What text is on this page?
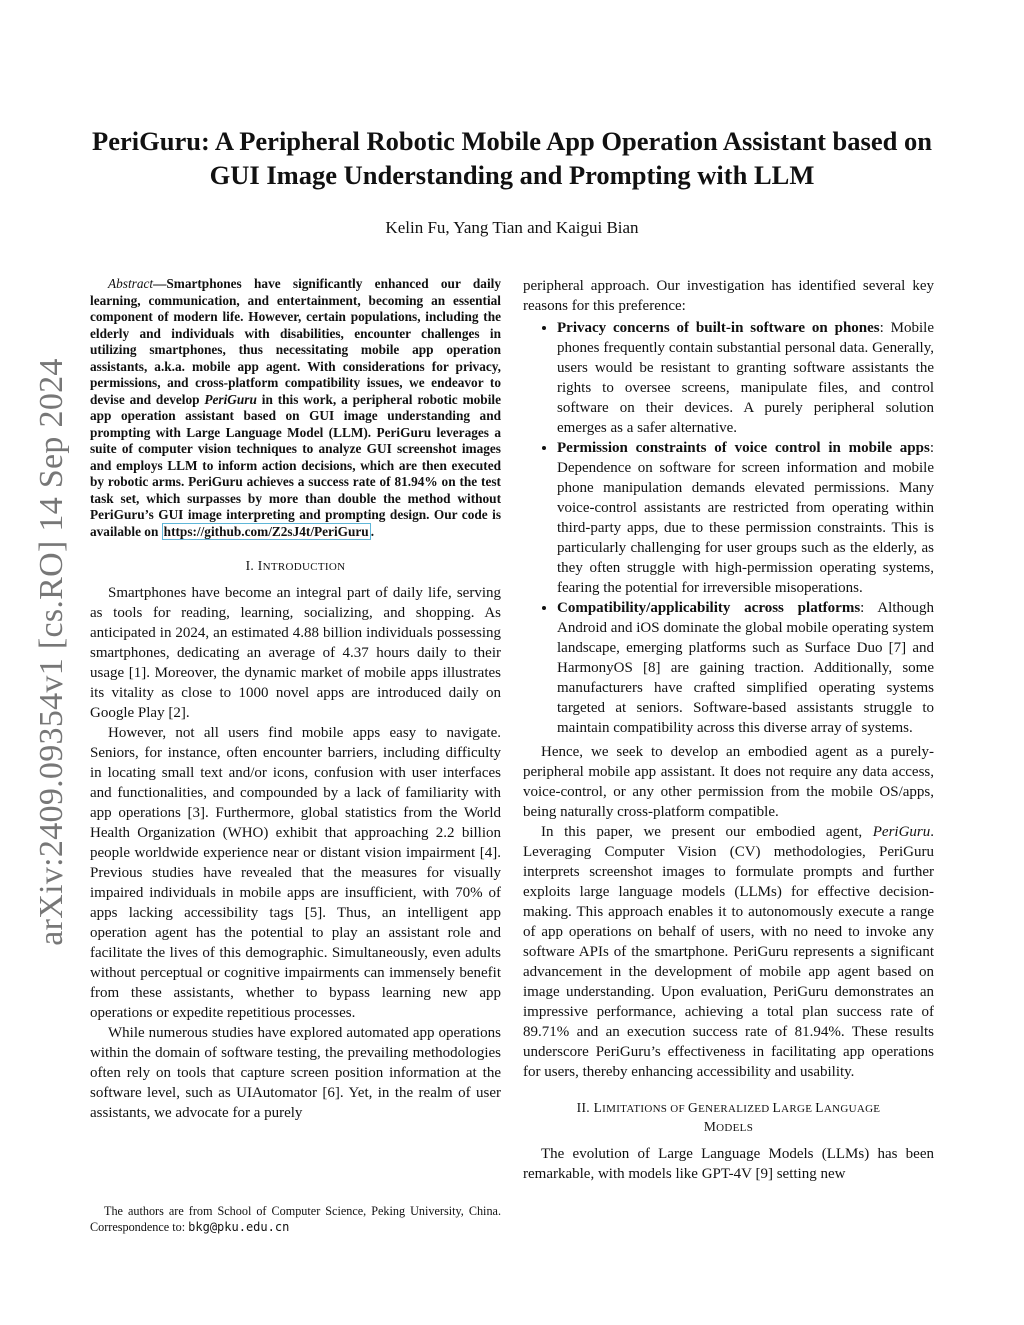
PeriGuru: A Peripheral Robotic Mobile App Operation Assistant based on GUI Image Understanding and Prompting with LLM
Kelin Fu, Yang Tian and Kaigui Bian
arXiv:2409.09354v1 [cs.RO] 14 Sep 2024

Abstract—Smartphones have significantly enhanced our daily learning, communication, and entertainment, becoming an essential component of modern life. However, certain populations, including the elderly and individuals with disabilities, encounter challenges in utilizing smartphones, thus necessitating mobile app operation assistants, a.k.a. mobile app agent. With considerations for privacy, permissions, and cross-platform compatibility issues, we endeavor to devise and develop PeriGuru in this work, a peripheral robotic mobile app operation assistant based on GUI image understanding and prompting with Large Language Model (LLM). PeriGuru leverages a suite of computer vision techniques to analyze GUI screenshot images and employs LLM to inform action decisions, which are then executed by robotic arms. PeriGuru achieves a success rate of 81.94% on the test task set, which surpasses by more than double the method without PeriGuru’s GUI image interpreting and prompting design. Our code is available on https://github.com/Z2sJ4t/PeriGuru .

I. INTRODUCTION

Smartphones have become an integral part of daily life, serving as tools for reading, learning, socializing, and shopping. As anticipated in 2024, an estimated 4.88 billion individuals possessing smartphones, dedicating an average of 4.37 hours daily to their usage [1]. Moreover, the dynamic market of mobile apps illustrates its vitality as close to 1000 novel apps are introduced daily on Google Play [2].

However, not all users find mobile apps easy to navigate. Seniors, for instance, often encounter barriers, including difficulty in locating small text and/or icons, confusion with user interfaces and functionalities, and compounded by a lack of familiarity with app operations [3]. Furthermore, global statistics from the World Health Organization (WHO) exhibit that approaching 2.2 billion people worldwide experience near or distant vision impairment [4]. Previous studies have revealed that the measures for visually impaired individuals in mobile apps are insufficient, with 70% of apps lacking accessibility tags [5]. Thus, an intelligent app operation agent has the potential to play an assistant role and facilitate the lives of this demographic. Simultaneously, even adults without perceptual or cognitive impairments can immensely benefit from these assistants, whether to bypass learning new app operations or expedite repetitious processes.

While numerous studies have explored automated app operations within the domain of software testing, the prevailing methodologies often rely on tools that capture screen position information at the software level, such as UIAutomator [6]. Yet, in the realm of user assistants, we advocate for a purely

The authors are from School of Computer Science, Peking University, China. Correspondence to: bkg@pku.edu.cn

peripheral approach. Our investigation has identified several key reasons for this preference:

• Privacy concerns of built-in software on phones: Mobile phones frequently contain substantial personal data. Generally, users would be resistant to granting software assistants the rights to oversee screens, manipulate files, and control software on their devices. A purely peripheral solution emerges as a safer alternative.
• Permission constraints of voice control in mobile apps: Dependence on software for screen information and mobile phone manipulation demands elevated permissions. Many voice-control assistants are restricted from operating within third-party apps, due to these permission constraints. This is particularly challenging for user groups such as the elderly, as they often struggle with high-permission operating systems, fearing the potential for irreversible misoperations.
• Compatibility/applicability across platforms: Although Android and iOS dominate the global mobile operating system landscape, emerging platforms such as Surface Duo [7] and HarmonyOS [8] are gaining traction. Additionally, some manufacturers have crafted simplified operating systems targeted at seniors. Software-based assistants struggle to maintain compatibility across this diverse array of systems.

Hence, we seek to develop an embodied agent as a purely-peripheral mobile app assistant. It does not require any data access, voice-control, or any other permission from the mobile OS/apps, being naturally cross-platform compatible.

In this paper, we present our embodied agent, PeriGuru. Leveraging Computer Vision (CV) methodologies, PeriGuru interprets screenshot images to formulate prompts and further exploits large language models (LLMs) for effective decision-making. This approach enables it to autonomously execute a range of app operations on behalf of users, with no need to invoke any software APIs of the smartphone. PeriGuru represents a significant advancement in the development of mobile app agent based on image understanding. Upon evaluation, PeriGuru demonstrates an impressive performance, achieving a total plan success rate of 89.71% and an execution success rate of 81.94%. These results underscore PeriGuru’s effectiveness in facilitating app operations for users, thereby enhancing accessibility and usability.

II. LIMITATIONS OF GENERALIZED LARGE LANGUAGE
MODELS

The evolution of Large Language Models (LLMs) has been remarkable, with models like GPT-4V [9] setting new
